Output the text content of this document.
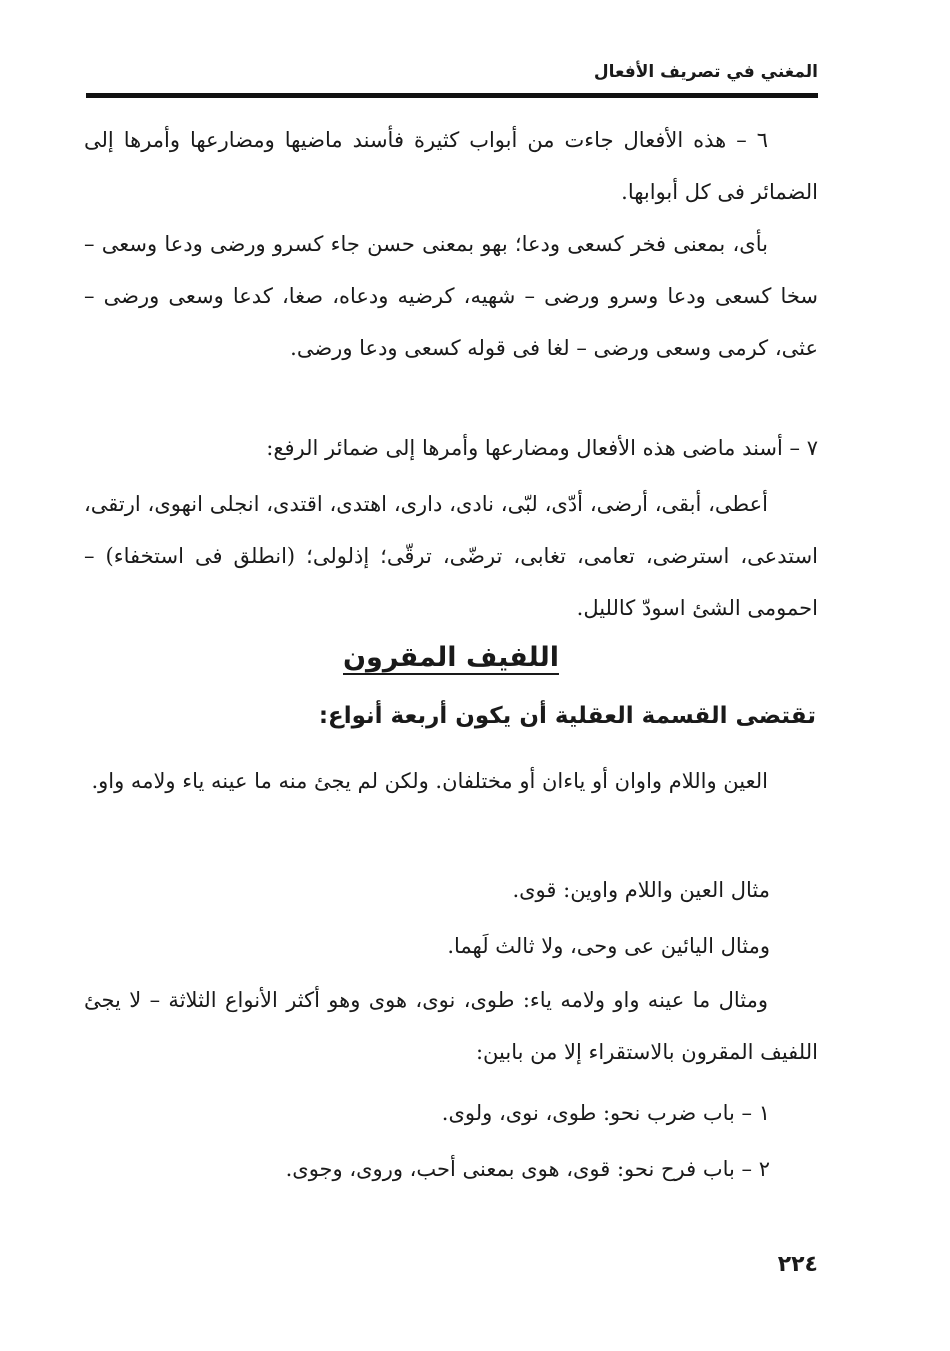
المغني في تصريف الأفعال

٦ – هذه الأفعال جاءت من أبواب كثيرة فأسند ماضيها ومضارعها وأمرها إلى الضمائر فى كل أبوابها.

بأى، بمعنى فخر كسعى ودعا؛ بهو بمعنى حسن جاء كسرو ورضى ودعا وسعى – سخا كسعى ودعا وسرو ورضى – شهيه، كرضيه ودعاه، صغا، كدعا وسعى ورضى – عثى، كرمى وسعى ورضى – لغا فى قوله كسعى ودعا ورضى.

٧ – أسند ماضى هذه الأفعال ومضارعها وأمرها إلى ضمائر الرفع:

أعطى، أبقى، أرضى، أدّى، لبّى، نادى، دارى، اهتدى، اقتدى، انجلى انهوى، ارتقى، استدعى، استرضى، تعامى، تغابى، ترضّى، ترقّى؛ إذلولى؛ (انطلق فى استخفاء) – احمومى الشئ اسودّ كالليل.

اللفيف المقرون
تقتضى القسمة العقلية أن يكون أربعة أنواع:

العين واللام واوان أو ياءان أو مختلفان. ولكن لم يجئ منه ما عينه ياء ولامه واو.

مثال العين واللام واوين: قوى.

ومثال اليائين عى وحى، ولا ثالث لَهما.

ومثال ما عينه واو ولامه ياء: طوى، نوى، هوى وهو أكثر الأنواع الثلاثة – لا يجئ اللفيف المقرون بالاستقراء إلا من بابين:

١ – باب ضرب نحو: طوى، نوى، ولوى.

٢ – باب فرح نحو: قوى، هوى بمعنى أحب، وروى، وجوى.

٢٢٤
